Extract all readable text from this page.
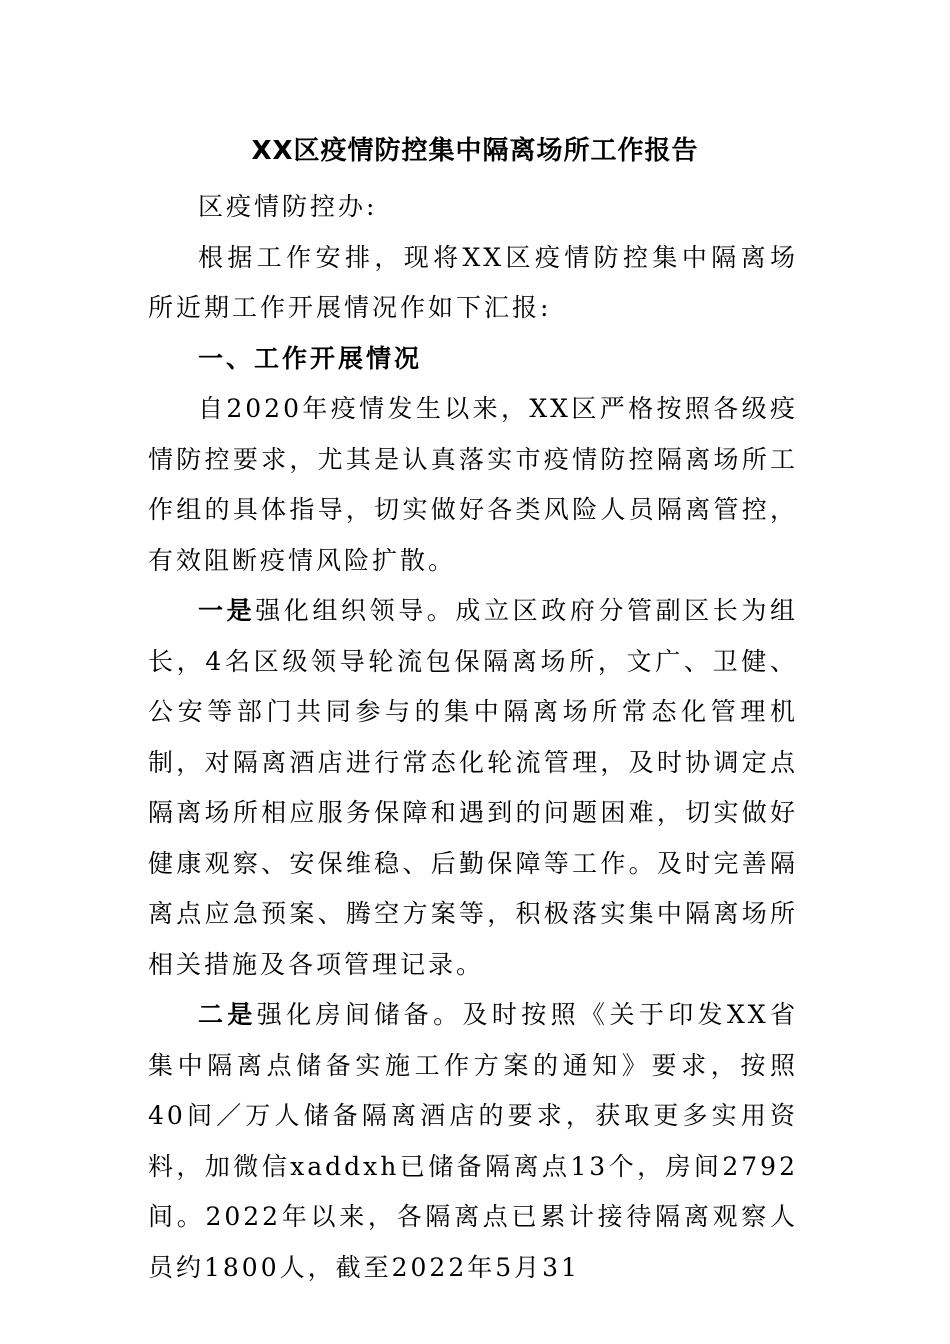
XX区疫情防控集中隔离场所工作报告

区疫情防控办:

根据工作安排，现将XX区疫情防控集中隔离场所近期工作开展情况作如下汇报:

一、工作开展情况

自2020年疫情发生以来，XX区严格按照各级疫情防控要求，尤其是认真落实市疫情防控隔离场所工作组的具体指导，切实做好各类风险人员隔离管控，有效阻断疫情风险扩散。

一是强化组织领导。成立区政府分管副区长为组长，4名区级领导轮流包保隔离场所，文广、卫健、公安等部门共同参与的集中隔离场所常态化管理机制，对隔离酒店进行常态化轮流管理，及时协调定点隔离场所相应服务保障和遇到的问题困难，切实做好健康观察、安保维稳、后勤保障等工作。及时完善隔离点应急预案、腾空方案等，积极落实集中隔离场所相关措施及各项管理记录。

二是强化房间储备。及时按照《关于印发XX省集中隔离点储备实施工作方案的通知》要求，按照40间／万人储备隔离酒店的要求，获取更多实用资料，加微信xaddxh已储备隔离点13个，房间2792间。2022年以来，各隔离点已累计接待隔离观察人员约1800人，截至2022年5月31
